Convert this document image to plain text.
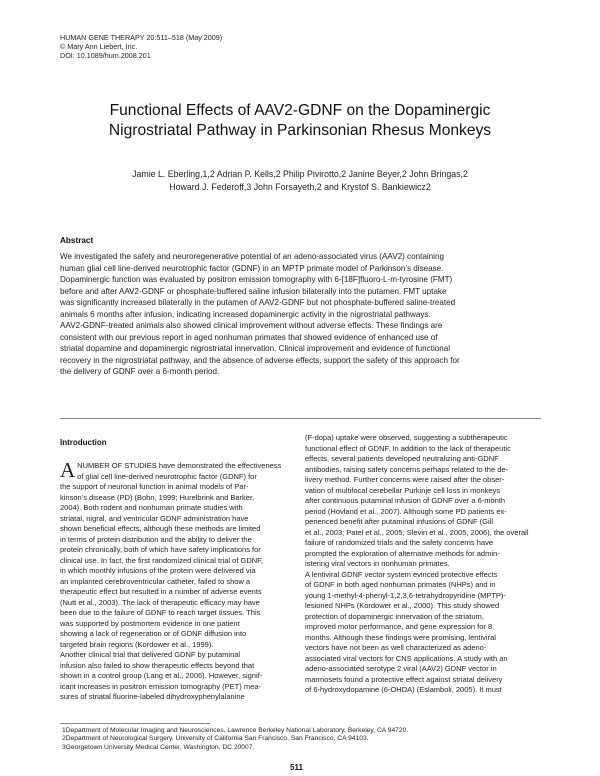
HUMAN GENE THERAPY 20:511–518 (May 2009)
© Mary Ann Liebert, Inc.
DOI: 10.1089/hum.2008.201
Functional Effects of AAV2-GDNF on the Dopaminergic
Nigrostriatal Pathway in Parkinsonian Rhesus Monkeys
Jamie L. Eberling,1,2 Adrian P. Kells,2 Philip Pivirotto,2 Janine Beyer,2 John Bringas,2
Howard J. Federoff,3 John Forsayeth,2 and Krystof S. Bankiewicz2
Abstract
We investigated the safety and neuroregenerative potential of an adeno-associated virus (AAV2) containing
human glial cell line-derived neurotrophic factor (GDNF) in an MPTP primate model of Parkinson’s disease.
Dopaminergic function was evaluated by positron emission tomography with 6-[18F]fluoro-L-m-tyrosine (FMT)
before and after AAV2-GDNF or phosphate-buffered saline infusion bilaterally into the putamen. FMT uptake
was significantly increased bilaterally in the putamen of AAV2-GDNF but not phosphate-buffered saline-treated
animals 6 months after infusion, indicating increased dopaminergic activity in the nigrostriatal pathways.
AAV2-GDNF-treated animals also showed clinical improvement without adverse effects. These findings are
consistent with our previous report in aged nonhuman primates that showed evidence of enhanced use of
striatal dopamine and dopaminergic nigrostriatal innervation. Clinical improvement and evidence of functional
recovery in the nigrostriatal pathway, and the absence of adverse effects, support the safety of this approach for
the delivery of GDNF over a 6-month period.
Introduction
A NUMBER OF STUDIES have demonstrated the effectiveness
of glial cell line-derived neurotrophic factor (GDNF) for
the support of neuronal function in animal models of Par-
kinson’s disease (PD) (Bohn, 1999; Hurelbrink and Barker,
2004). Both rodent and nonhuman primate studies with
striatal, nigral, and ventricular GDNF administration have
shown beneficial effects, although these methods are limited
in terms of protein distribution and the ability to deliver the
protein chronically, both of which have safety implications for
clinical use. In fact, the first randomized clinical trial of GDNF,
in which monthly infusions of the protein were delivered via
an implanted cerebroventricular catheter, failed to show a
therapeutic effect but resulted in a number of adverse events
(Nutt et al., 2003). The lack of therapeutic efficacy may have
been due to the failure of GDNF to reach target tissues. This
was supported by postmortem evidence in one patient
showing a lack of regeneration or of GDNF diffusion into
targeted brain regions (Kordower et al., 1999).
Another clinical trial that delivered GDNF by putaminal
infusion also failed to show therapeutic effects beyond that
shown in a control group (Lang et al., 2006). However, signif-
icant increases in positron emission tomography (PET) mea-
sures of striatal fluorine-labeled dihydroxyphenylalanine
(F-dopa) uptake were observed, suggesting a subtherapeutic
functional effect of GDNF. In addition to the lack of therapeutic
effects, several patients developed neutralizing anti-GDNF
antibodies, raising safety concerns perhaps related to the de-
livery method. Further concerns were raised after the obser-
vation of multifocal cerebellar Purkinje cell loss in monkeys
after continuous putaminal infusion of GDNF over a 6-month
period (Hovland et al., 2007). Although some PD patients ex-
perienced benefit after putaminal infusions of GDNF (Gill
et al., 2003; Patel et al., 2005; Slevin et al., 2005, 2006), the overall
failure of randomized trials and the safety concerns have
prompted the exploration of alternative methods for admin-
istering viral vectors in nonhuman primates.
A lentiviral GDNF vector system evinced protective effects
of GDNF in both aged nonhuman primates (NHPs) and in
young 1-methyl-4-phenyl-1,2,3,6-tetrahydropyridine (MPTP)-
lesioned NHPs (Kordower et al., 2000). This study showed
protection of dopaminergic innervation of the striatum,
improved motor performance, and gene expression for 8
months. Although these findings were promising, lentiviral
vectors have not been as well characterized as adeno-
associated viral vectors for CNS applications. A study with an
adeno-associated serotype 2 viral (AAV2) GDNF vector in
marmosets found a protective effect against striatal delivery
of 6-hydroxydopamine (6-OHDA) (Eslamboli, 2005). It must
1Department of Molecular Imaging and Neurosciences, Lawrence Berkeley National Laboratory, Berkeley, CA 94720.
2Department of Neurological Surgery, University of California San Francisco, San Francisco, CA 94103.
3Georgetown University Medical Center, Washington, DC 20007.
511
